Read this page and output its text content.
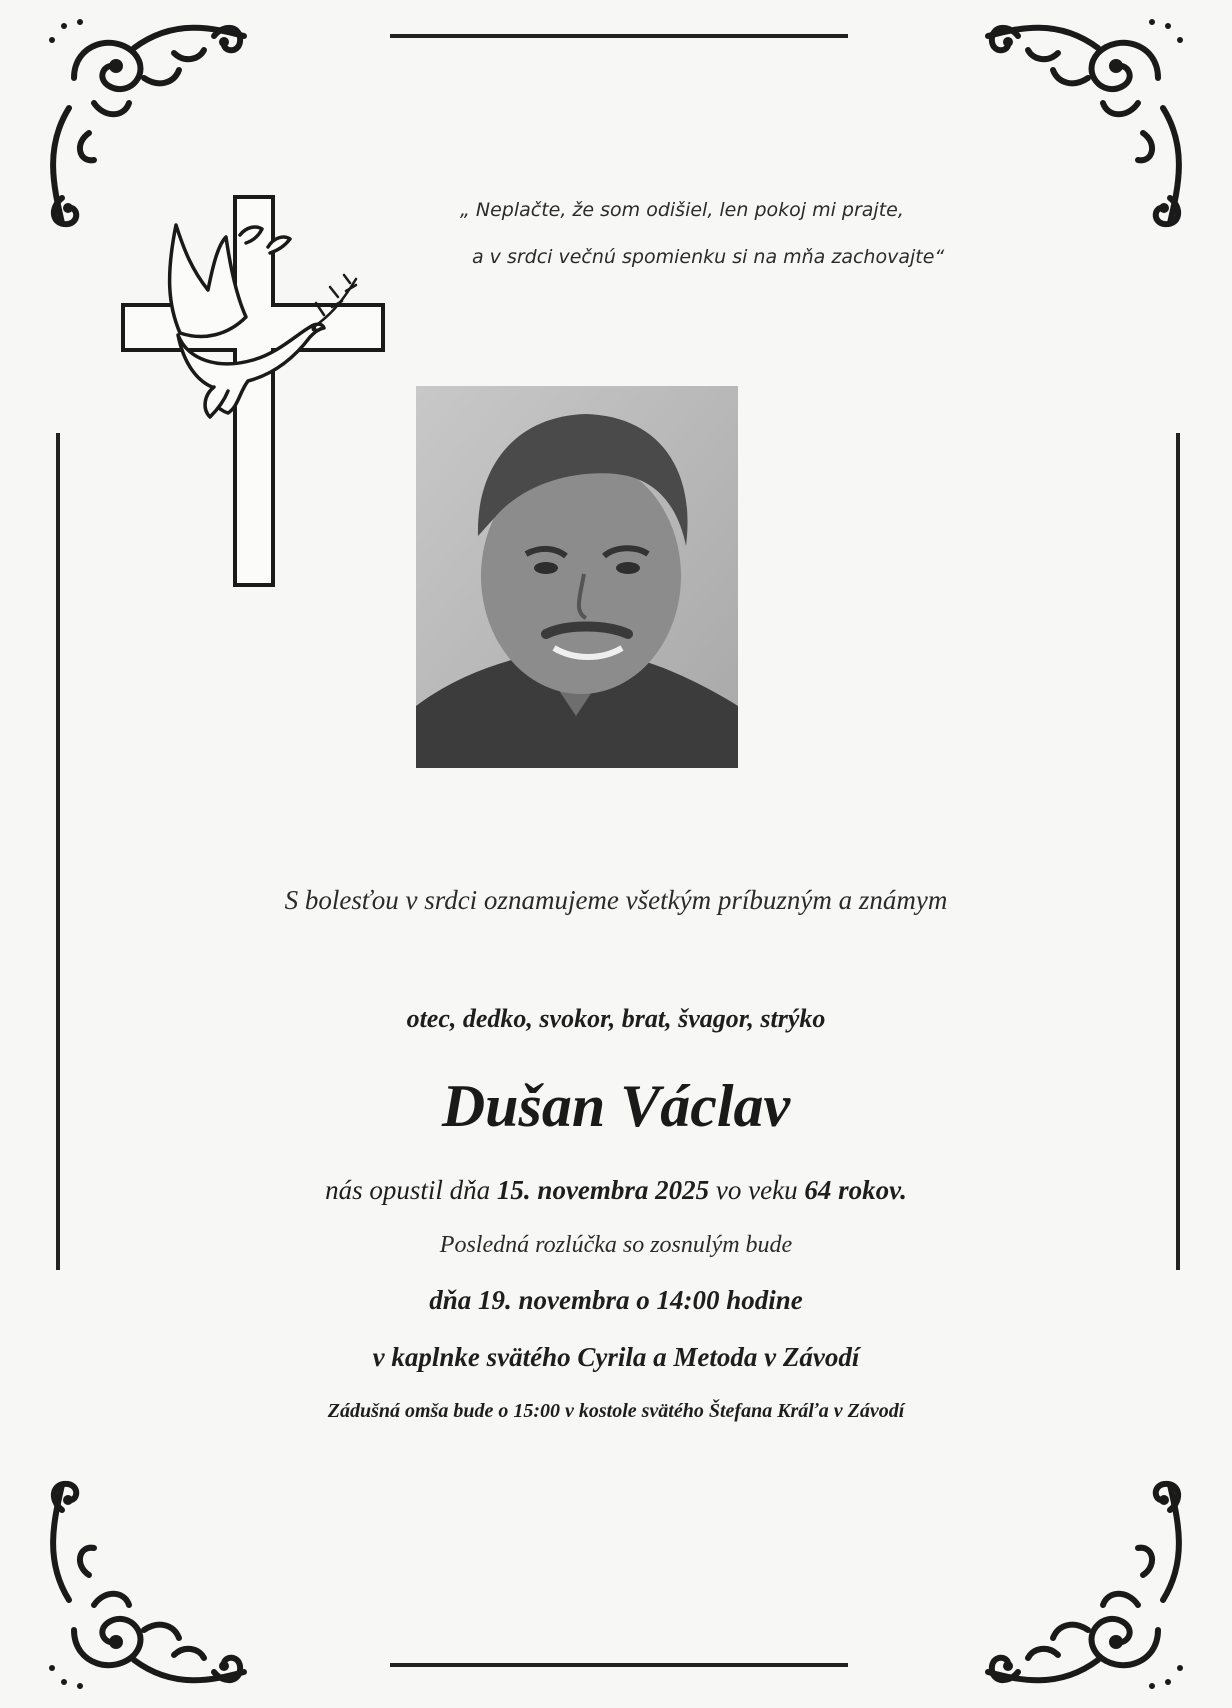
„ Neplačte, že som odišiel, len pokoj mi prajte,
a v srdci večnú spomienku si na mňa zachovajte“
S bolesťou v srdci oznamujeme všetkým príbuzným a známym
otec, dedko, svokor, brat, švagor, strýko
Dušan Václav
nás opustil dňa 15. novembra 2025 vo veku 64 rokov.
Posledná rozlúčka so zosnulým bude
dňa 19. novembra o 14:00 hodine
v kaplnke svätého Cyrila a Metoda v Závodí
Zádušná omša bude o 15:00 v kostole svätého Štefana Kráľa v Závodí
